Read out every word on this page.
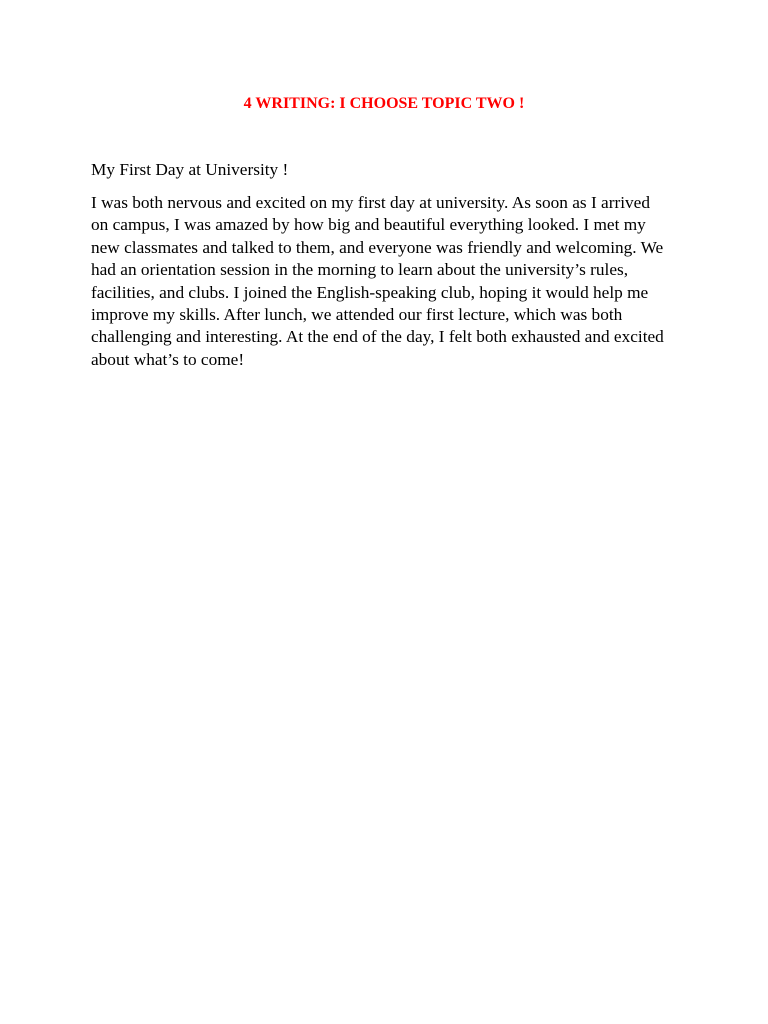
4 WRITING: I CHOOSE TOPIC TWO !
My First Day at University !

I was both nervous and excited on my first day at university. As soon as I arrived
on campus, I was amazed by how big and beautiful everything looked. I met my
new classmates and talked to them, and everyone was friendly and welcoming. We
had an orientation session in the morning to learn about the university’s rules,
facilities, and clubs. I joined the English-speaking club, hoping it would help me
improve my skills. After lunch, we attended our first lecture, which was both
challenging and interesting. At the end of the day, I felt both exhausted and excited
about what’s to come!
